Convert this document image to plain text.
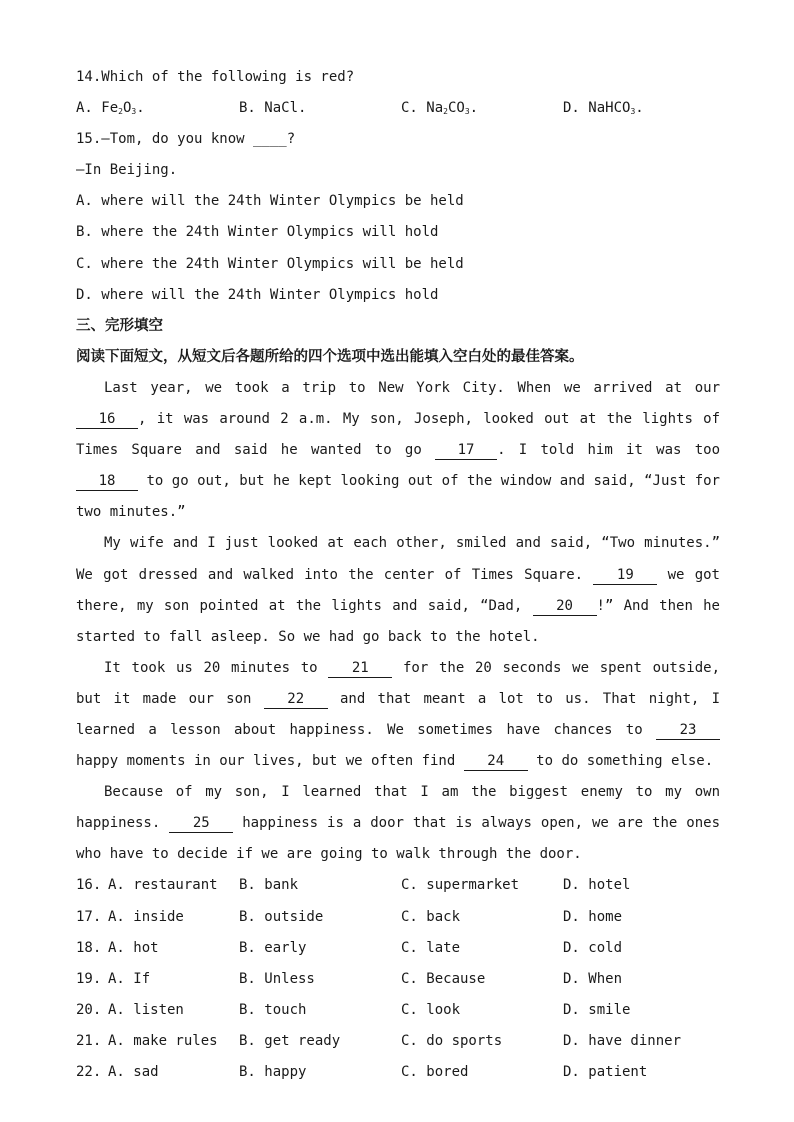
14.Which of the following is red?
A. $Fe_2O_3$.	B. NaCl.	C. $Na_2CO_3$.	D. NaHCO$_3$.
15.—Tom, do you know ____?
—In Beijing.
A. where will the 24th Winter Olympics be held
B. where the 24th Winter Olympics will hold
C. where the 24th Winter Olympics will be held
D. where will the 24th Winter Olympics hold
三、完形填空
阅读下面短文，从短文后各题所给的四个选项中选出能填入空白处的最佳答案。

Last year, we took a trip to New York City. When we arrived at our 16 , it was around 2 a.m. My son, Joseph, looked out at the lights of Times Square and said he wanted to go 17 . I told him it was too 18 to go out, but he kept looking out of the window and said, “Just for two minutes.”

My wife and I just looked at each other, smiled and said, “Two minutes.” We got dressed and walked into the center of Times Square. 19 we got there, my son pointed at the lights and said, “Dad, 20 !” And then he started to fall asleep. So we had go back to the hotel.

It took us 20 minutes to 21 for the 20 seconds we spent outside, but it made our son 22 and that meant a lot to us. That night, I learned a lesson about happiness. We sometimes have chances to 23 happy moments in our lives, but we often find 24 to do something else.

Because of my son, I learned that I am the biggest enemy to my own happiness. 25 happiness is a door that is always open, we are the ones who have to decide if we are going to walk through the door.

16. A. restaurant B. bank	C. supermarket	D. hotel
17. A. inside	B. outside	C. back	D. home
18. A. hot	B. early	C. late	D. cold
19. A. If	B. Unless	C. Because	D. When
20. A. listen	B. touch	C. look	D. smile
21. A. make rules B. get ready	C. do sports	D. have dinner
22. A. sad	B. happy	C. bored	D. patient
